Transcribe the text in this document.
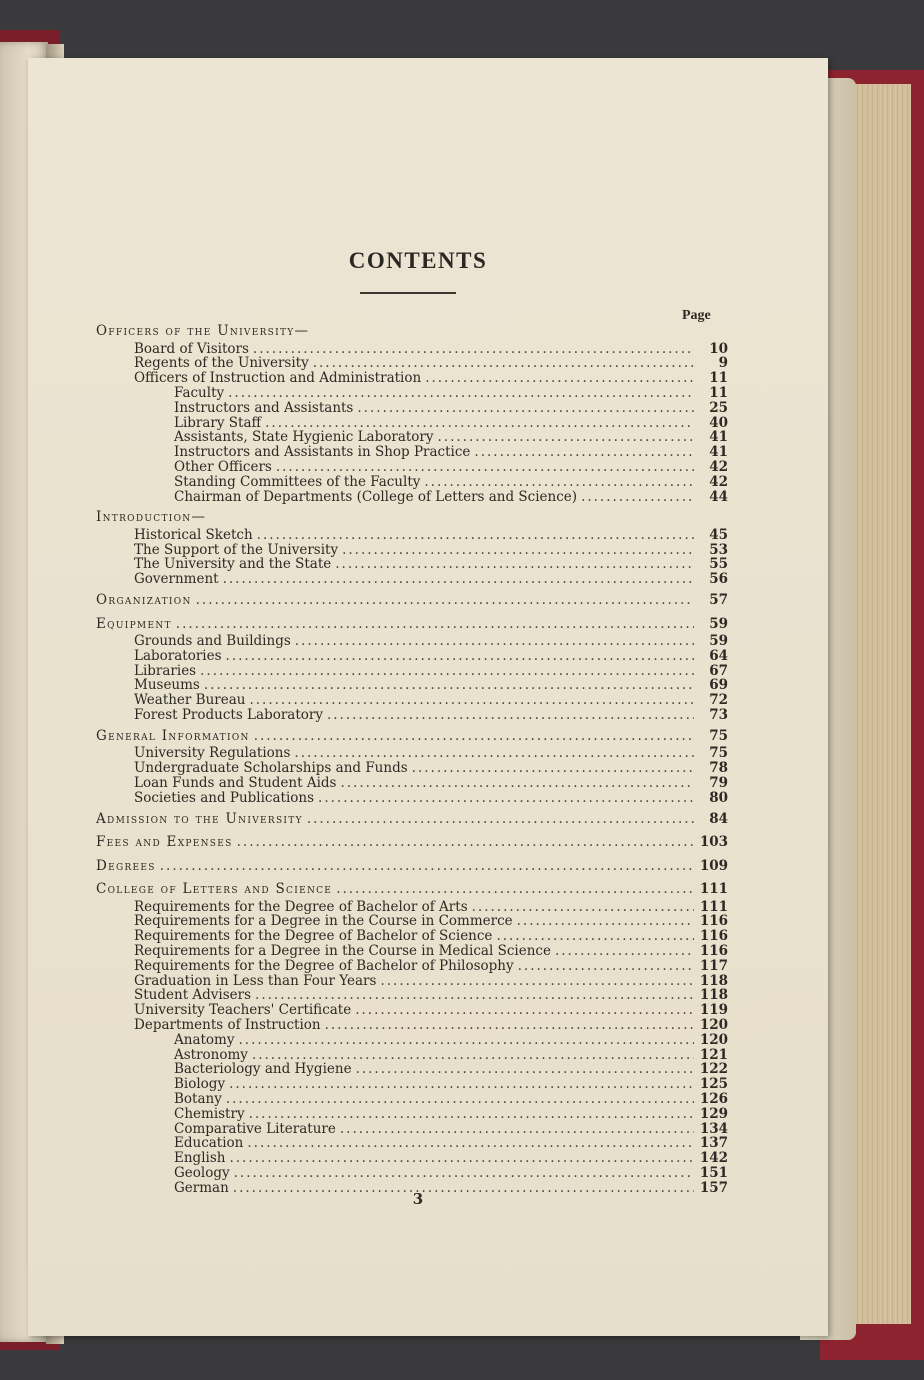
CONTENTS
Page
Officers of the University—
Board of Visitors .....	10
Regents of the University .....	9
Officers of Instruction and Administration .....	11
Faculty .....	11
Instructors and Assistants .....	25
Library Staff .....	40
Assistants, State Hygienic Laboratory .....	41
Instructors and Assistants in Shop Practice .....	41
Other Officers .....	42
Standing Committees of the Faculty .....	42
Chairman of Departments (College of Letters and Science) .....	44
Introduction—
Historical Sketch .....	45
The Support of the University .....	53
The University and the State .....	55
Government .....	56
Organization .....	57
Equipment .....	59
Grounds and Buildings .....	59
Laboratories .....	64
Libraries .....	67
Museums .....	69
Weather Bureau .....	72
Forest Products Laboratory .....	73
General Information .....	75
University Regulations .....	75
Undergraduate Scholarships and Funds .....	78
Loan Funds and Student Aids .....	79
Societies and Publications .....	80
Admission to the University .....	84
Fees and Expenses .....	103
Degrees .....	109
College of Letters and Science .....	111
Requirements for the Degree of Bachelor of Arts .....	111
Requirements for a Degree in the Course in Commerce .....	116
Requirements for the Degree of Bachelor of Science .....	116
Requirements for a Degree in the Course in Medical Science .....	116
Requirements for the Degree of Bachelor of Philosophy .....	117
Graduation in Less than Four Years .....	118
Student Advisers .....	118
University Teachers' Certificate .....	119
Departments of Instruction .....	120
Anatomy .....	120
Astronomy .....	121
Bacteriology and Hygiene .....	122
Biology .....	125
Botany .....	126
Chemistry .....	129
Comparative Literature .....	134
Education .....	137
English .....	142
Geology .....	151
German .....	157
3
